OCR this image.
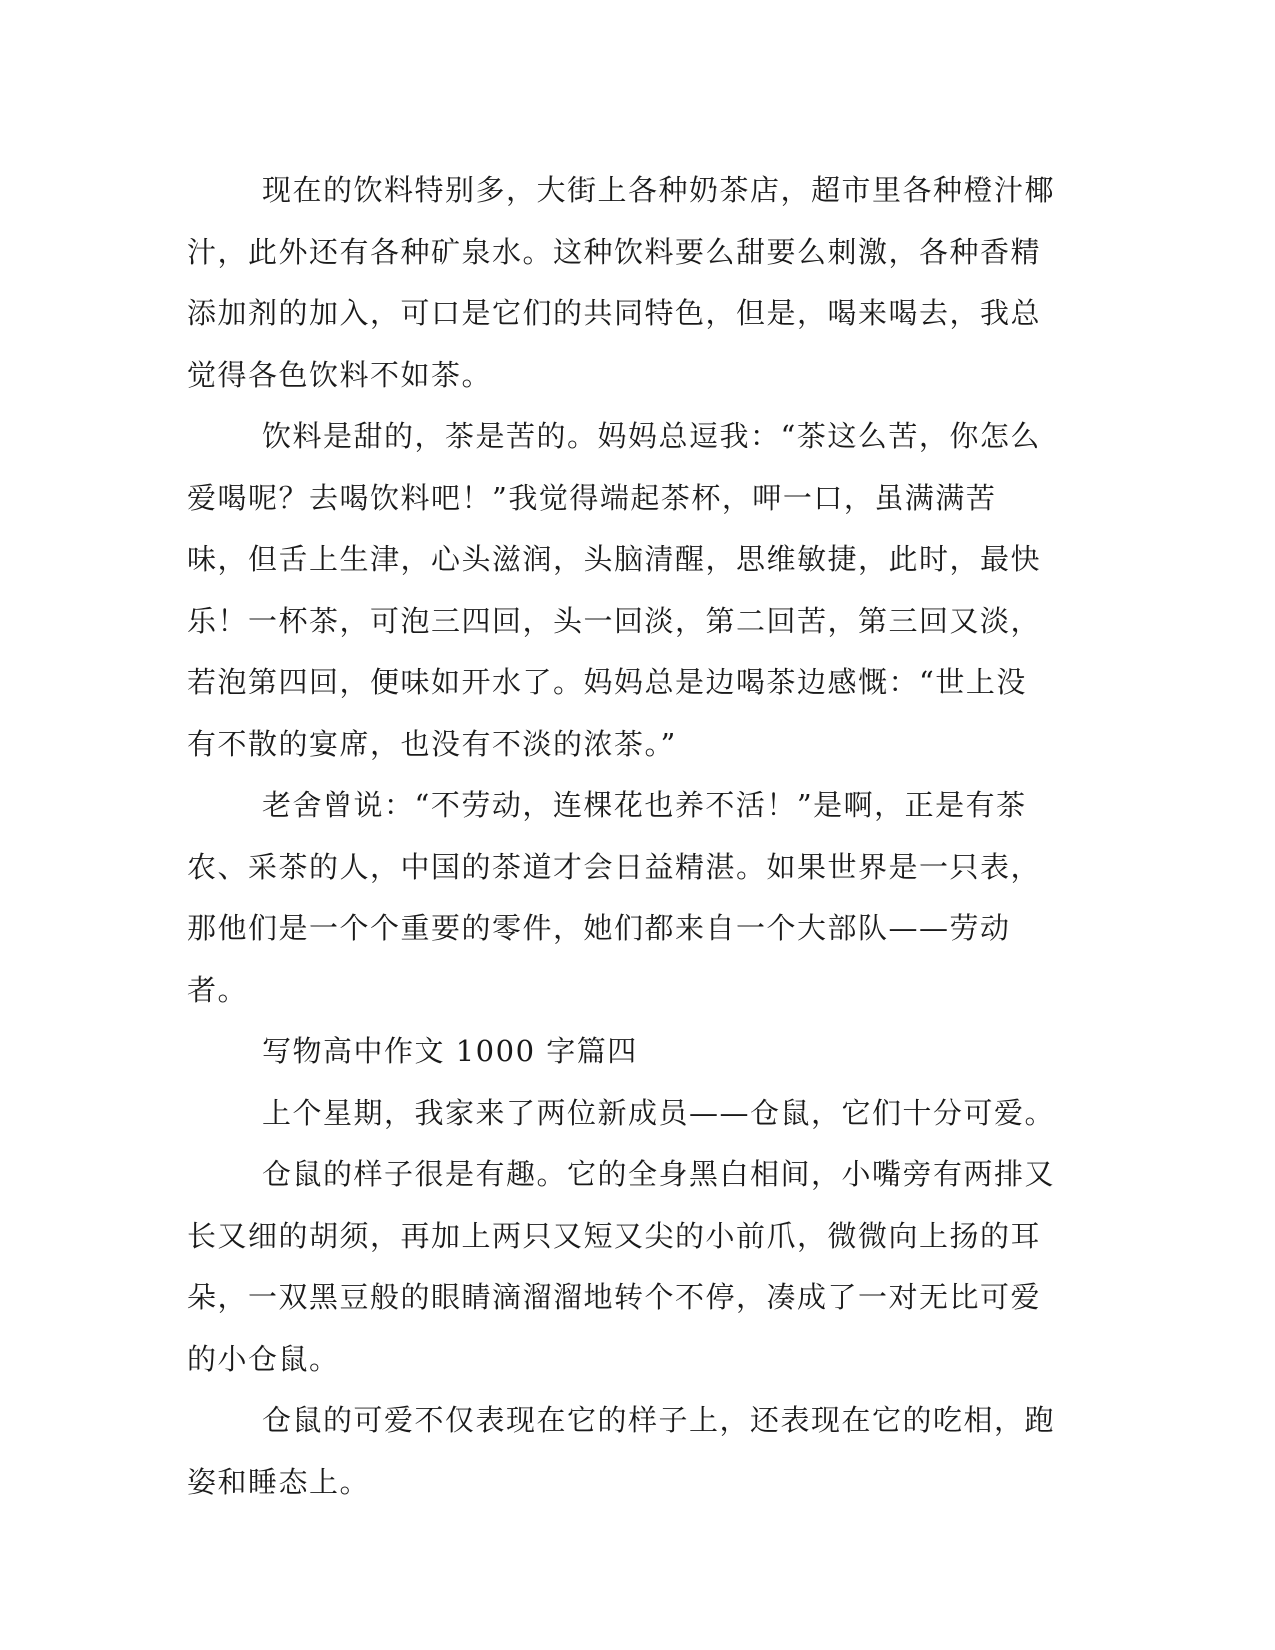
现在的饮料特别多，大街上各种奶茶店，超市里各种橙汁椰汁，此外还有各种矿泉水。这种饮料要么甜要么刺激，各种香精添加剂的加入，可口是它们的共同特色，但是，喝来喝去，我总觉得各色饮料不如茶。

饮料是甜的，茶是苦的。妈妈总逗我：“茶这么苦，你怎么爱喝呢？去喝饮料吧！”我觉得端起茶杯，呷一口，虽满满苦味，但舌上生津，心头滋润，头脑清醒，思维敏捷，此时，最快乐！一杯茶，可泡三四回，头一回淡，第二回苦，第三回又淡，若泡第四回，便味如开水了。妈妈总是边喝茶边感慨：“世上没有不散的宴席，也没有不淡的浓茶。”

老舍曾说：“不劳动，连棵花也养不活！”是啊，正是有茶农、采茶的人，中国的茶道才会日益精湛。如果世界是一只表，那他们是一个个重要的零件，她们都来自一个大部队——劳动者。

写物高中作文 1000 字篇四

上个星期，我家来了两位新成员——仓鼠，它们十分可爱。

仓鼠的样子很是有趣。它的全身黑白相间，小嘴旁有两排又长又细的胡须，再加上两只又短又尖的小前爪，微微向上扬的耳朵，一双黑豆般的眼睛滴溜溜地转个不停，凑成了一对无比可爱的小仓鼠。

仓鼠的可爱不仅表现在它的样子上，还表现在它的吃相，跑姿和睡态上。
